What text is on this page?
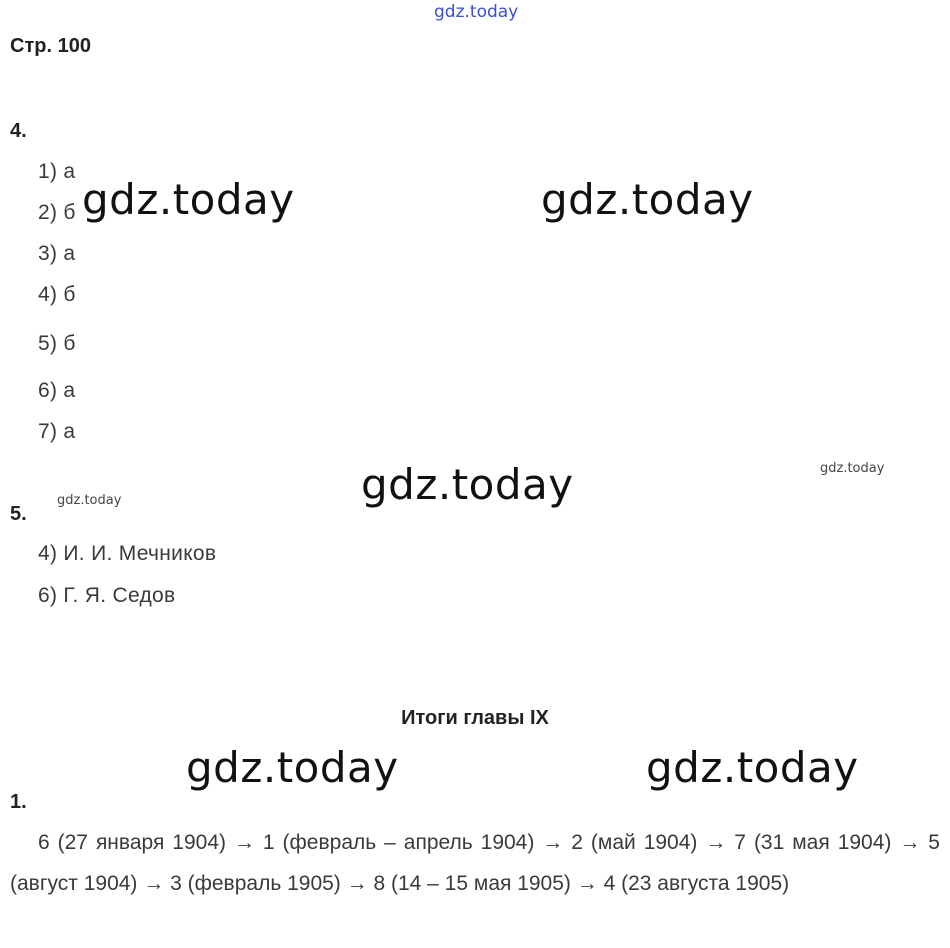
gdz.today
Стр. 100
4.
1) а
2) б
3) а
4) б
5) б
6) а
7) а
5.
4) И. И. Мечников
6) Г. Я. Седов
Итоги главы IX
1.
6 (27 января 1904) → 1 (февраль – апрель 1904) → 2 (май 1904) → 7 (31 мая 1904) → 5 (август 1904) → 3 (февраль 1905) → 8 (14 – 15 мая 1905) → 4 (23 августа 1905)
gdz.today	gdz.today
gdz.today
gdz.today	gdz.today
gdz.today
gdz.today
